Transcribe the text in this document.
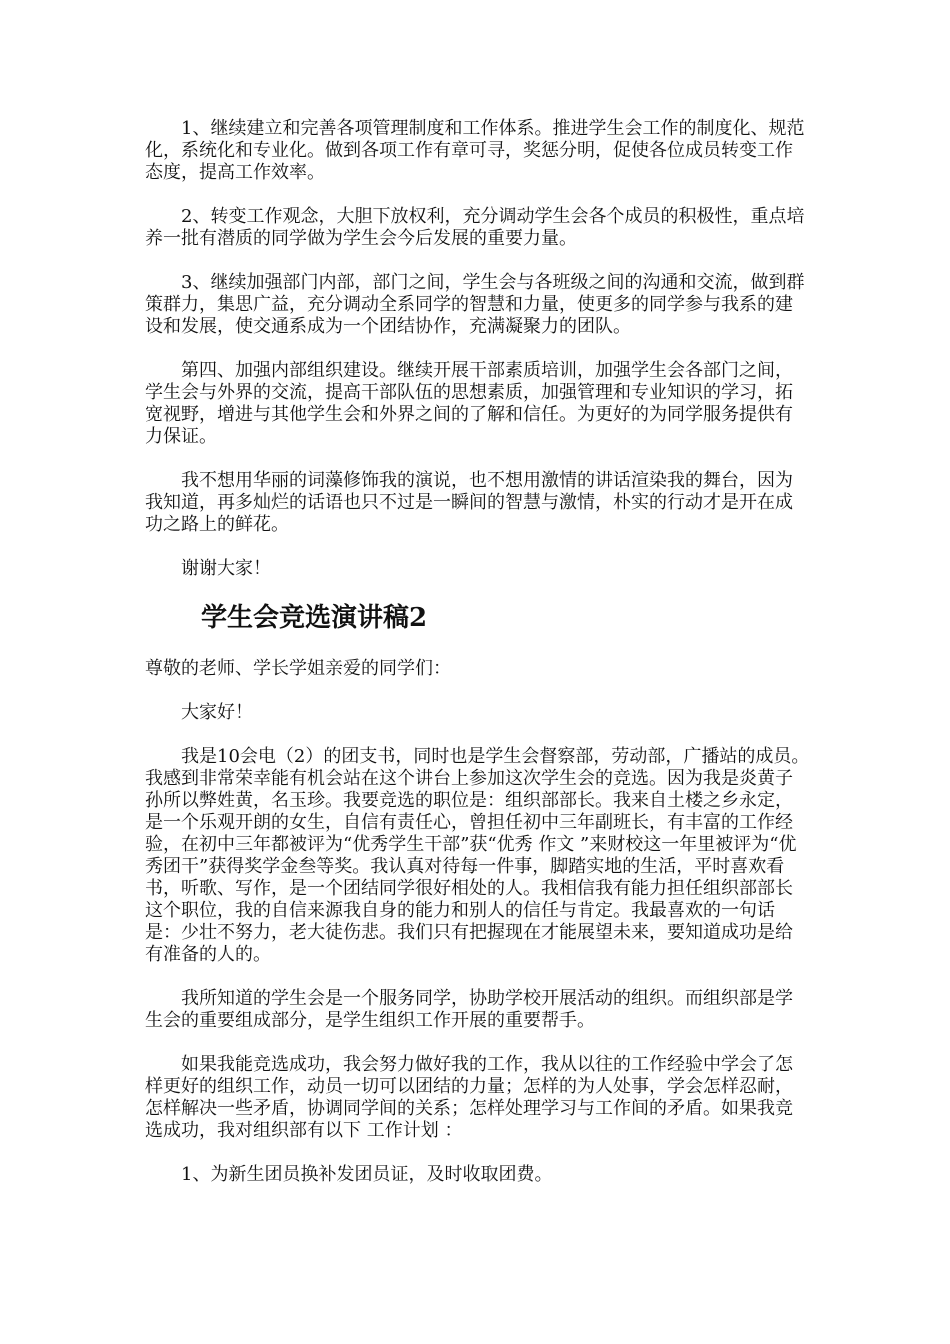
1、继续建立和完善各项管理制度和工作体系。推进学生会工作的制度化、规范化，系统化和专业化。做到各项工作有章可寻，奖惩分明，促使各位成员转变工作态度，提高工作效率。

2、转变工作观念，大胆下放权利，充分调动学生会各个成员的积极性，重点培养一批有潜质的同学做为学生会今后发展的重要力量。

3、继续加强部门内部，部门之间，学生会与各班级之间的沟通和交流，做到群策群力，集思广益，充分调动全系同学的智慧和力量，使更多的同学参与我系的建设和发展，使交通系成为一个团结协作，充满凝聚力的团队。

第四、加强内部组织建设。继续开展干部素质培训，加强学生会各部门之间，学生会与外界的交流，提高干部队伍的思想素质，加强管理和专业知识的学习，拓宽视野，增进与其他学生会和外界之间的了解和信任。为更好的为同学服务提供有力保证。

我不想用华丽的词藻修饰我的演说，也不想用激情的讲话渲染我的舞台，因为我知道，再多灿烂的话语也只不过是一瞬间的智慧与激情，朴实的行动才是开在成功之路上的鲜花。

谢谢大家！

学生会竞选演讲稿2

尊敬的老师、学长学姐亲爱的同学们：

大家好！

我是10会电（2）的团支书，同时也是学生会督察部，劳动部，广播站的成员。我感到非常荣幸能有机会站在这个讲台上参加这次学生会的竞选。因为我是炎黄子孙所以弊姓黄，名玉珍。我要竞选的职位是：组织部部长。我来自土楼之乡永定，是一个乐观开朗的女生，自信有责任心，曾担任初中三年副班长，有丰富的工作经验，在初中三年都被评为“优秀学生干部”获“优秀 作文 ”来财校这一年里被评为“优秀团干”获得奖学金叁等奖。我认真对待每一件事，脚踏实地的生活，平时喜欢看书，听歌、写作，是一个团结同学很好相处的人。我相信我有能力担任组织部部长这个职位，我的自信来源我自身的能力和别人的信任与肯定。我最喜欢的一句话是：少壮不努力，老大徒伤悲。我们只有把握现在才能展望未来，要知道成功是给有准备的人的。

我所知道的学生会是一个服务同学，协助学校开展活动的组织。而组织部是学生会的重要组成部分，是学生组织工作开展的重要帮手。

如果我能竞选成功，我会努力做好我的工作，我从以往的工作经验中学会了怎样更好的组织工作，动员一切可以团结的力量；怎样的为人处事，学会怎样忍耐，怎样解决一些矛盾，协调同学间的关系；怎样处理学习与工作间的矛盾。如果我竞选成功，我对组织部有以下 工作计划 ：

1、为新生团员换补发团员证，及时收取团费。
